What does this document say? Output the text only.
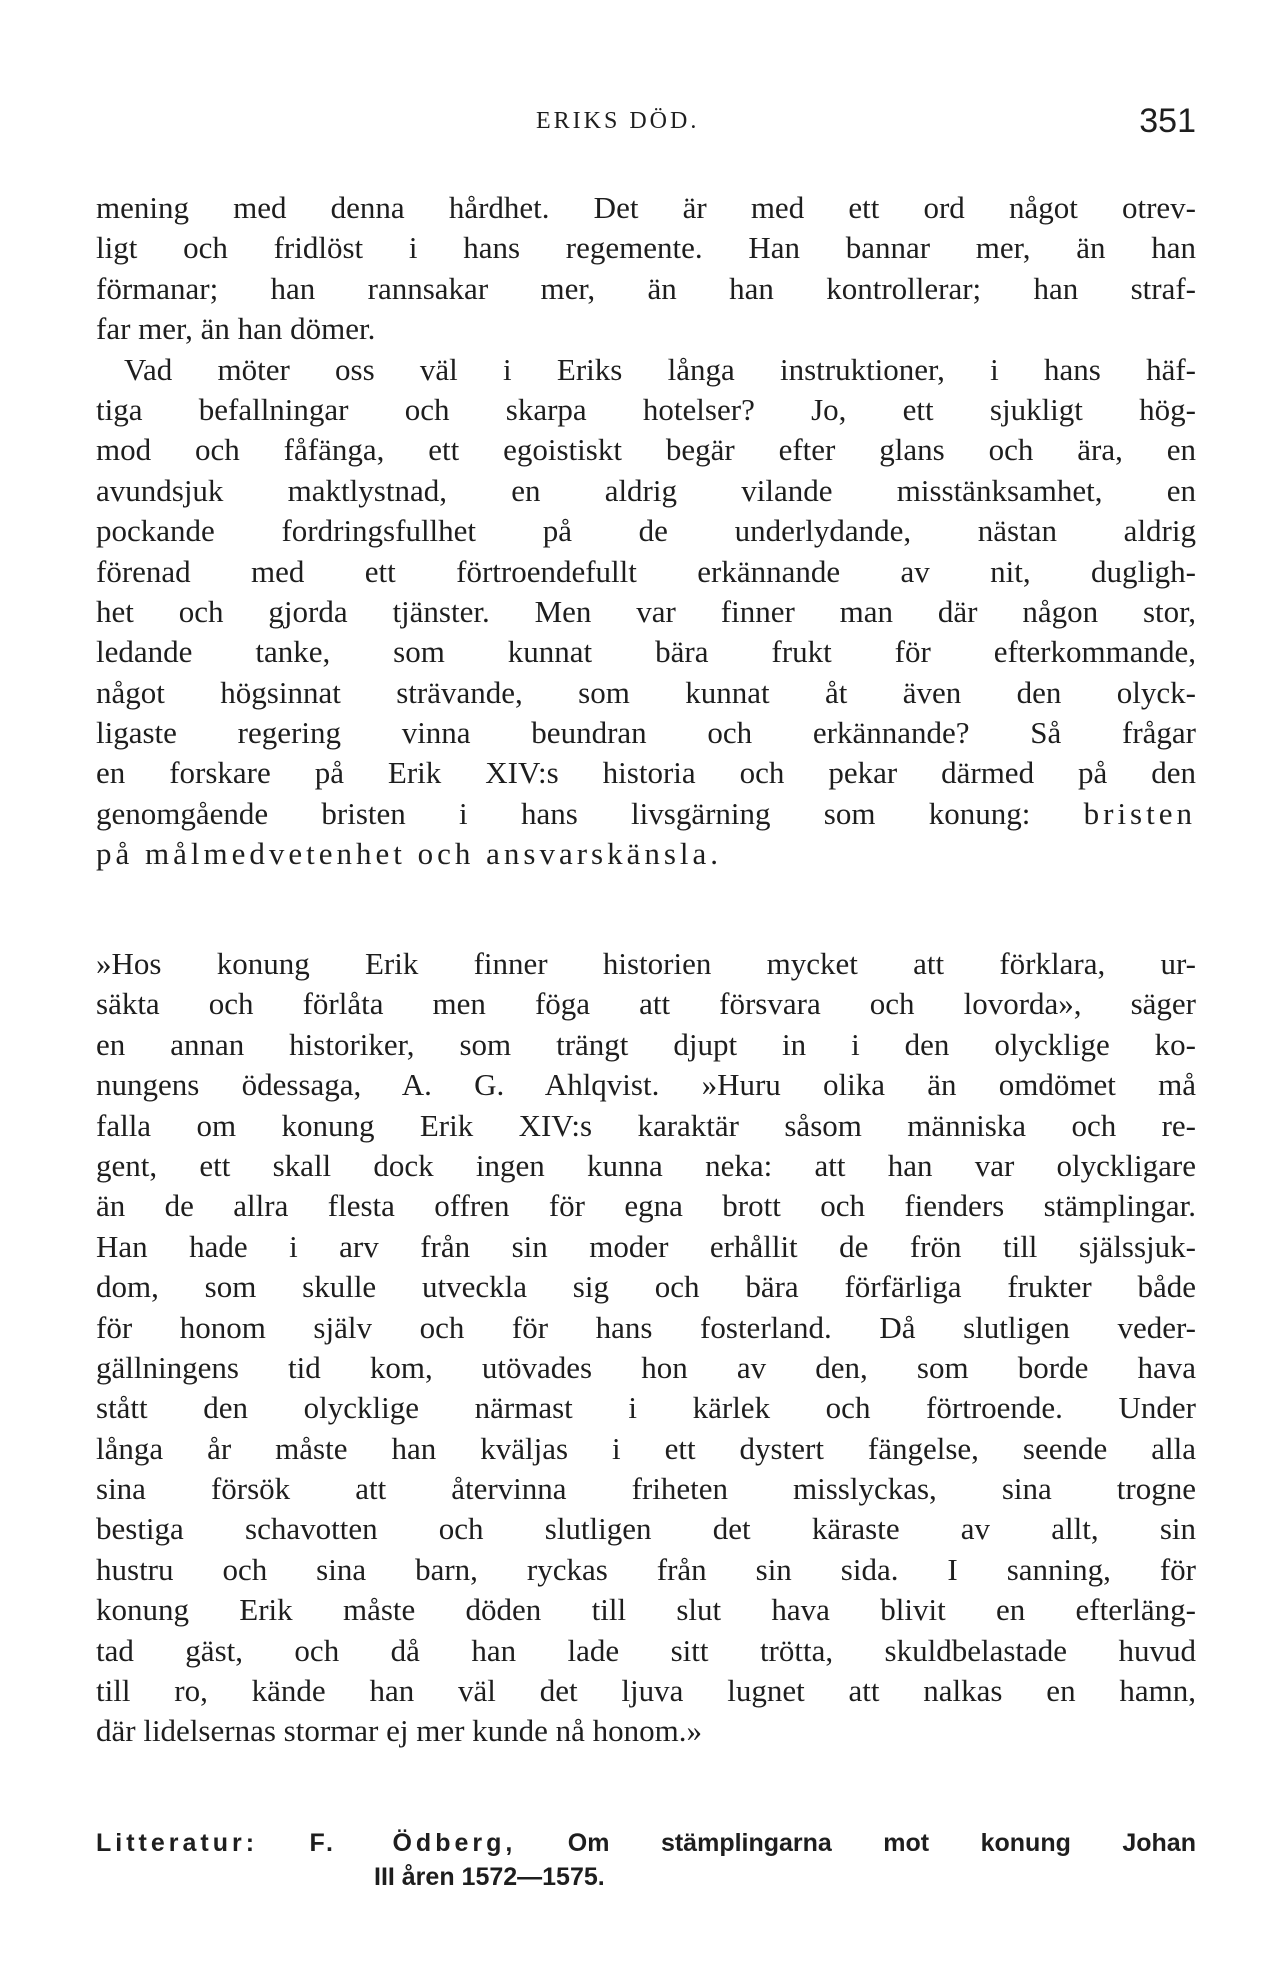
ERIKS DÖD.	351
mening med denna hårdhet. Det är med ett ord något otrev-
ligt och fridlöst i hans regemente. Han bannar mer, än han
förmanar; han rannsakar mer, än han kontrollerar; han straf-
far mer, än han dömer.
Vad möter oss väl i Eriks långa instruktioner, i hans häf-
tiga befallningar och skarpa hotelser? Jo, ett sjukligt hög-
mod och fåfänga, ett egoistiskt begär efter glans och ära, en
avundsjuk maktlystnad, en aldrig vilande misstänksamhet, en
pockande fordringsfullhet på de underlydande, nästan aldrig
förenad med ett förtroendefullt erkännande av nit, dugligh-
het och gjorda tjänster. Men var finner man där någon stor,
ledande tanke, som kunnat bära frukt för efterkommande,
något högsinnat strävande, som kunnat åt även den olyck-
ligaste regering vinna beundran och erkännande? Så frågar
en forskare på Erik XIV:s historia och pekar därmed på den
genomgående bristen i hans livsgärning som konung: bristen
på målmedvetenhet och ansvarskänsla.
»Hos konung Erik finner historien mycket att förklara, ur-
säkta och förlåta men föga att försvara och lovorda», säger
en annan historiker, som trängt djupt in i den olycklige ko-
nungens ödessaga, A. G. Ahlqvist. »Huru olika än omdömet må
falla om konung Erik XIV:s karaktär såsom människa och re-
gent, ett skall dock ingen kunna neka: att han var olyckligare
än de allra flesta offren för egna brott och fienders stämplingar.
Han hade i arv från sin moder erhållit de frön till själssjuk-
dom, som skulle utveckla sig och bära förfärliga frukter både
för honom själv och för hans fosterland. Då slutligen veder-
gällningens tid kom, utövades hon av den, som borde hava
stått den olycklige närmast i kärlek och förtroende. Under
långa år måste han kväljas i ett dystert fängelse, seende alla
sina försök att återvinna friheten misslyckas, sina trogne
bestiga schavotten och slutligen det käraste av allt, sin
hustru och sina barn, ryckas från sin sida. I sanning, för
konung Erik måste döden till slut hava blivit en efterläng-
tad gäst, och då han lade sitt trötta, skuldbelastade huvud
till ro, kände han väl det ljuva lugnet att nalkas en hamn,
där lidelsernas stormar ej mer kunde nå honom.»
Litteratur: F. Ödberg, Om stämplingarna mot konung Johan
III åren 1572—1575.
